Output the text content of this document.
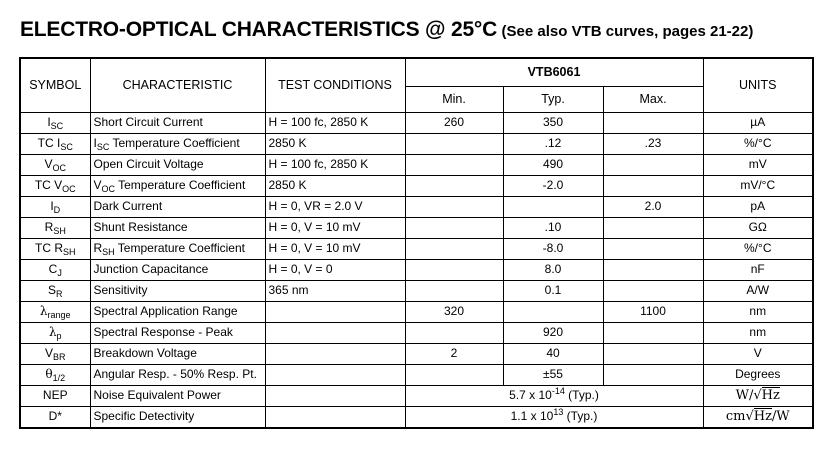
ELECTRO-OPTICAL CHARACTERISTICS @ 25°C (See also VTB curves, pages 21-22)
SYMBOL	CHARACTERISTIC	TEST CONDITIONS	VTB6061			UNITS
			Min.	Typ.	Max.	
$I_{SC}$	Short Circuit Current	H = 100 fc, 2850 K	260	350		µA
TC $I_{SC}$	$I_{SC}$ Temperature Coefficient	2850 K		.12	.23	%/°C
$V_{OC}$	Open Circuit Voltage	H = 100 fc, 2850 K		490		mV
TC $V_{OC}$	$V_{OC}$ Temperature Coefficient	2850 K		-2.0		mV/°C
$I_D$	Dark Current	H = 0, VR = 2.0 V			2.0	pA
$R_{SH}$	Shunt Resistance	H = 0, V = 10 mV		.10		GΩ
TC $R_{SH}$	$R_{SH}$ Temperature Coefficient	H = 0, V = 10 mV		-8.0		%/°C
$C_J$	Junction Capacitance	H = 0, V = 0		8.0		nF
$S_R$	Sensitivity	365 nm		0.1		A/W
$\lambda_{range}$	Spectral Application Range		320		1100	nm
$\lambda_p$	Spectral Response - Peak			920		nm
$V_{BR}$	Breakdown Voltage		2	40		V
$\theta_{1/2}$	Angular Resp. - 50% Resp. Pt.			±55		Degrees
NEP	Noise Equivalent Power		5.7 x $10^{-14}$ (Typ.)			W/√Hz
D*	Specific Detectivity		1.1 x $10^{13}$ (Typ.)			cm√Hz/W
